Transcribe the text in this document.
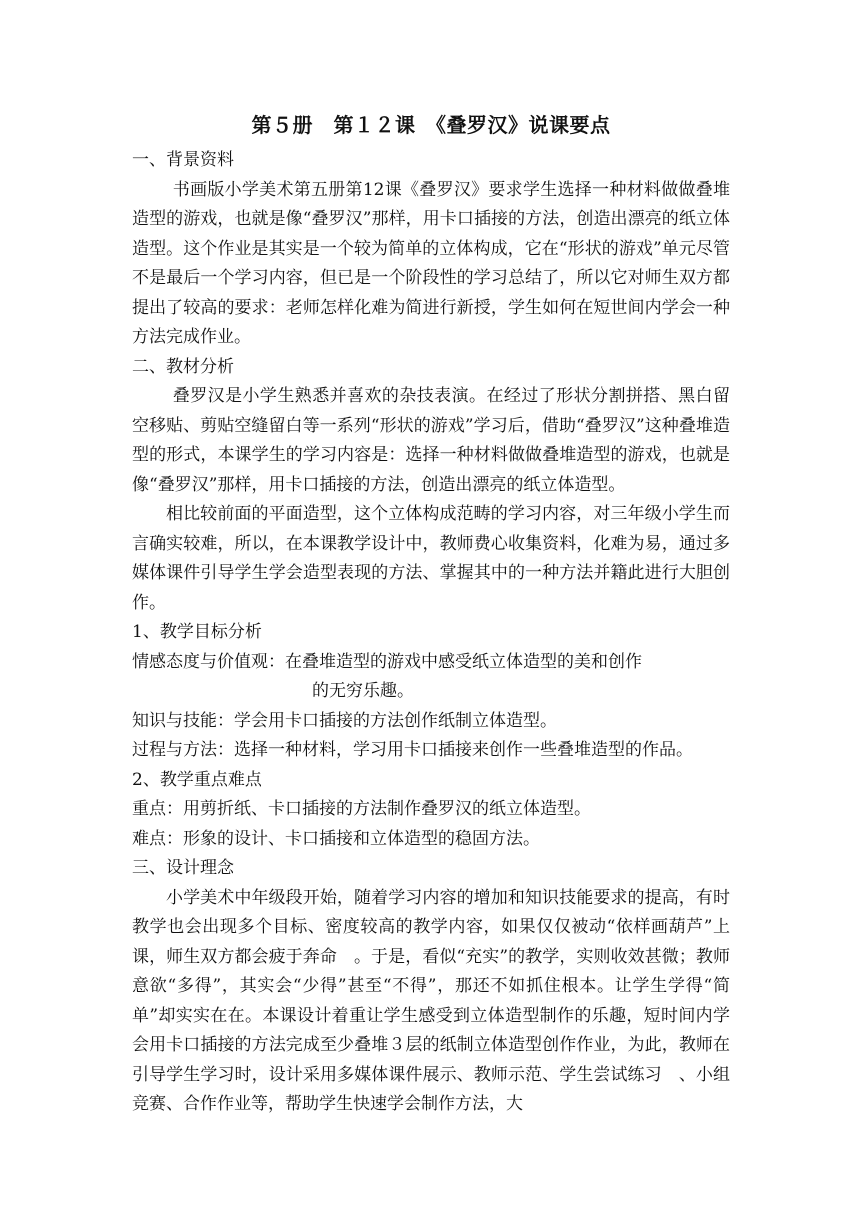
第５册　第１２课　《叠罗汉》说课要点

一、背景资料

书画版小学美术第五册第12课《叠罗汉》要求学生选择一种材料做做叠堆造型的游戏，也就是像“叠罗汉”那样，用卡口插接的方法，创造出漂亮的纸立体造型。这个作业是其实是一个较为简单的立体构成，它在“形状的游戏”单元尽管不是最后一个学习内容，但已是一个阶段性的学习总结了，所以它对师生双方都提出了较高的要求：老师怎样化难为简进行新授，学生如何在短世间内学会一种方法完成作业。

二、教材分析

叠罗汉是小学生熟悉并喜欢的杂技表演。在经过了形状分割拼搭、黑白留空移贴、剪贴空缝留白等一系列“形状的游戏”学习后，借助“叠罗汉”这种叠堆造型的形式，本课学生的学习内容是：选择一种材料做做叠堆造型的游戏，也就是像“叠罗汉”那样，用卡口插接的方法，创造出漂亮的纸立体造型。

相比较前面的平面造型，这个立体构成范畴的学习内容，对三年级小学生而言确实较难，所以，在本课教学设计中，教师费心收集资料，化难为易，通过多媒体课件引导学生学会造型表现的方法、掌握其中的一种方法并籍此进行大胆创作。

1、教学目标分析

情感态度与价值观： 在叠堆造型的游戏中感受纸立体造型的美和创作
的无穷乐趣。
知识与技能： 学会用卡口插接的方法创作纸制立体造型。

过程与方法：选择一种材料，学习用卡口插接来创作一些叠堆造型的作品。

2、教学重点难点

重点：用剪折纸、卡口插接的方法制作叠罗汉的纸立体造型。

难点：形象的设计、卡口插接和立体造型的稳固方法。

三、设计理念

小学美术中年级段开始，随着学习内容的增加和知识技能要求的提高，有时教学也会出现多个目标、密度较高的教学内容，如果仅仅被动“依样画葫芦”上课，师生双方都会疲于奔命　。于是，看似“充实”的教学，实则收效甚微；教师意欲“多得”，其实会“少得”甚至“不得”，那还不如抓住根本。让学生学得“简单”却实实在在。本课设计着重让学生感受到立体造型制作的乐趣，短时间内学会用卡口插接的方法完成至少叠堆３层的纸制立体造型创作作业，为此，教师在引导学生学习时，设计采用多媒体课件展示、教师示范、学生尝试练习　、小组竞赛、合作作业等，帮助学生快速学会制作方法，大
